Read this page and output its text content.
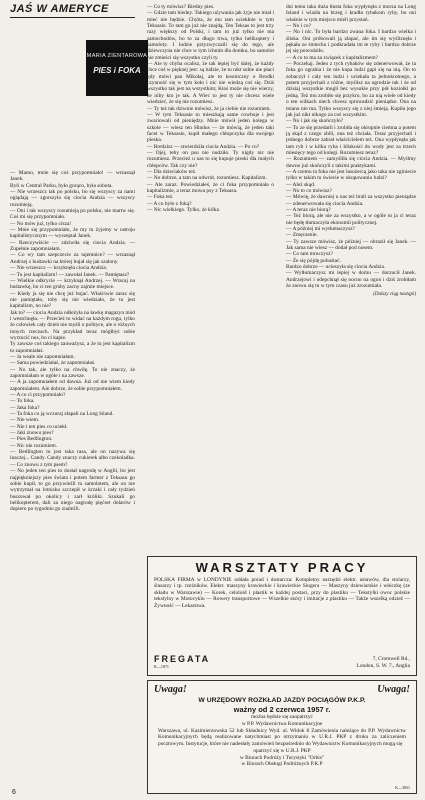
JAŚ W AMERYCE
MARIA ZIENTAROWA
PIES i FOKA

— Mamo, mnie się coś przypomniało! — wrzasnął Janek.

Byli w Central Parku, było gorąco, była sobota.

— Nie wrzeszcz tak po polsku, bo się wszyscy za nami oglądają — zgorszyła się ciocia Andzia — wszyscy rozumieją.

— Oni i tak wszyscy rozumieją po polsku, nie martw się. Coś mi się przypomniało.

— No mów już, tylko cisza!

— Mnie się przypomniało, że my tu żyjemy w ustroju kapitalistycznym — wyszeptał Janek.

— Rzeczywiście — zdziwiła się ciocia Andzia. — Zupełnie zapomniałam.

— Co wy tam szepczecie za tajemnice? — wrzasnął Andrzej z huśtawki na której bujał się jak szalony.

— Nie wrzeszcz — krzyknęła ciocia Andzia.

— Tu jest kapitalizm! — zawołał Janek. — Pamiętasz?

— Wielkie odkrycie — krzyknął Andrzej. — Wracaj na huśtawkę, bo ci ten gruby zacny zajmie miejsce.

— Kiedy ja się nie chcę już bujać. Właściwie zaraz się nie pamiętało, toby się nie wiedziało, że tu jest kapitalizm, no nie?

Jak to? — ciocia Andzia odłożyła na ławkę magazyn mód i westchnęła. — Przecież to widać na każdym rogu, tylko że człowiek cały dzień nie myśli o polityce, ale o różnych innych rzeczach. Na przykład teraz mógłbyś sobie wyrzucić nos, bo ci kapie.

Ty zawsze coś takiego zauważysz, a że tu jest kapitalizm to zapomniałaś.

— Ja weale nie zapomniałam.

— Sama powiedziałaś, że zapomniałaś.

— No tak, ale tylko na chwilę. To nie znaczy, że zapomniałam w ogóle i na zawsze.

— A ja zapomniałem od dawna. Już od nie wiem kiedy zapomniałem. Ale dobrze, że sobie przypomniałem.

— A co ci przypomniało?

— To foka.

— Jaka foka?

— Ta foka co ją wczoraj złapali na Long Island.

— Nie wiem.

— Nie i ten pies co uciekł.

— Jaki znowu pies?

— Pies Bedlington.

— Nic nie rozumiem.

— Bedlington to jest taka rasa, ale on nazywa się inaczej... Candy. Candy znaczy cukierek albo czekoladka.

— Co znowu z tym psem?

— No jeden ten pies to dostał nagrodę w Anglii, bo jest najpiękniejszy pies świata i potem farmer z Teksasu go sobie kupił, to go przywieźli tu samolotem, ale on nie wytrzymał na lotnisku szczepił w krzaki i cały tydzień buszował po okolicy i zarł króliki. Szukali go helikopterem, dali za niego nagrodę pięćset dolarów i dopiero po tygodniu go znaleźli.

— Co ty mówisz? Biedny pies.

— Gdzie tam biedny. Takiego używania jak żyje nie miał i mieć nie będzie. Chyba, że mu tam uciekłnie w tym Teksasie. To tam go już nie znajdą. Ten Teksas to jest trzy razy większy od Polski, i tam to już tylko nie ma samochodów, bo to za długo trwa, tylko helikoptery i samoloty. I ludzie przyzwyczaili się do tego, ale dziewczyna nie chce w tym ichnim dla domku, bo samolot nie zmieści się wszystko czyli ty.

— Ale ty chyba ocalisz, że tak lepiej być dalej, że każdy chce coś w pięknej jest: są ludzie, że tu nikt sobie nie płaci gdy mówi pan Mikołaj, ale to kosmiczny o Brodki czynność się w tym koło i nic nie wiedzą coś się. Dziś wszystko tak jest na wszystkim; Ktoś może się nie wierzy, że niby kto je tak. A Wiec to jest ty nie chcesz wiele wiedzieć, że się nie rozumiesz.

— Ty też tak dziwnie mówisz, że ja ciebie nie rozumiem.

— W tym Teksasie to mieszkają same cowboje i jest zwariowali od pieniędzy. Mnie mówił jeden kolega w szkole — wiesz ten Hindus — że mówią, że jeden taki facet w Teksasie, kupił małego chłopczyka dla swojego pieska.

— Bredzisz — stwierdziła ciocia Andzia. — Po co?

— Ojej, teby on psu nie nudziło. Ty nigdy nic nie rozumiesz. Przecież u nas to się kupuje pieski dla małych chłopców. Tak czy nie?

— Dla dzieciaków też.

— No dobrze, a tam na odwrót, rozumiesz. Kapitalizm.

— Ale zaraz. Powiedziałeś, że ci foka przypomniała o kapitalizmie, a teraz mowa psy z Teksasu.

— Foka też.

— A co było z foką?

— Nic wielkiego. Tylko, że kilka

dni temu taka duża tłusta foka wypłynęła z morza na Long Island i wlazła na brzeg i kradła rybakom ryby, bo oni właśnie w tym miejscu mieli przystań.

— No i co?

— No i nic. To była bardzo zwana foka. I bardzo wielka i śliska. Oni próbowali ją złapać, ale im się wyśliznęła i pękała ze śmiechu i podkradała im te ryby i bardzo dobrze jej się powodziło.

— A co to ma za związek z kapitalizmem?

— Poczekaj. Jeden z tych rybaków się zdenerwował, że ta foka go ograbia i że nie kupa ludzi gapi się na nią. On to zobaczył i cały ten ludzi i uciekała ta jednokrotnego, a potem przyjechali z różne, myślisz na ogrodzie tak i że od dzisiaj wszystkie mogli bez wysokie przy pół koziołki po jedną. Też mu zrobiło się przykro, bo za nią wiele od kiedy o ten wilkach niech chcesz sprowadzić pieniądze. Ona na miano nie ma. Tylko wszyscy się z niej śmieją. Kupiła jego jak już nikt nikogo za coś wszystkim.

— No i jak się skończyło?

— To ze się przedarli i zrobiła się okropnie ciemna a potem ją skąd z czego zbili, ona też chciała. Teraz przyjechali i jednego dobrze zabrał właścicielem też. Ona wypłynęła jak tam ryb i w kilku ryba i bliskości do wody jest za trzech miesięcy tego od kolegi. Rozumiesz teraz?

— Rozumiem — zamyśliła się ciocia Andzia. — Myślmy dawno już skończyli z takimi praktykami.

— A czemu ta foka nie jest łasożercą jako taka nie zginiecie tylko w takim tu świecie w okupowaniu ludzi?

— Ależ skąd.

— No to co mówisz?

— Mówię, że dawniej u nas też brali za wszystko pieniądze — zdenerwowała się ciocia Andzia.

— A teraz nie biorą?

— Też biorą, ale nie za wszystko, a w ogóle to ja ci teraz nie będę tłumaczyła ekonomii politycznej.

— A później mi wytłumaczysz?

— Zmęczenie.

— Ty zawsze mówisz, że później — obraził się Janek. — Jak sama nie wiesz — dodał pod nosem.

— Co tam mruczysz?

— Że się pójdę pohuśtać.

Bardzo dobrze — ucieszyła się ciocia Andzia.

— Wytłumaczysz mi lepiej w domu — dorzucił Janek. Andrzejowi i odepchnął się nocno na ogon i dziś zrobiłam że znowu się tu w tym czasu już zrozumiała.

(Dalszy ciąg nastąpi)
WARSZTATY PRACY
POLSKA FIRMA w LONDYNIE oddała porad i dostarcza: Kompletny narzędzi elektr. ustawów, dla stolarzy, ślusarzy i tp. rzeźników. Elektr. maszyny krawieckie i krawieckie Singera — Maszyny dziewiarskie i włóczkę (ze składu w Warszawie) — Korek, celuloid i plastik w każdej postaci, przy do plastiku — Tekstylki owoc polskie tekstylny w Motocyklu — Rowery transportowe — Wszelkie skóry i imitacje z plastiku — Także wszelką odzież — Żywność — Lekarstwa.
FREGATA
K—1871
7, Cromwell Rd.,
London, S. W. 7., Anglia
Uwaga!	Uwaga!
W URZĘDOWY ROZKŁAD JAZDY POCIĄGÓW P.K.P.
ważny od 2 czerwca 1957 r.
można będzie się zaopatrzyć
w P.P. Wydawnictwa Komunikacyjne
Warszawa, ul. Kazimierzowska 52 lub Składnicy Wyd. ul. Widok 8 Zamówienia należące do P.P. Wydawnictw Komunikacyjnych będą realizowane natychmiast po otrzymaniu w U.R.J. PKP z druku za zaliczeniem pocztowym. Instytucje, które nie nadesłały zamówień bezpośrednio do Wydawnictw Komunikacyjnych mogą się
opatrzyć się w U.R.J. PKP
w Biurach Podróży i Turystyki "Orbis"
w Biurach Obsługi Podróżnych P.K.P
K—3831
6
